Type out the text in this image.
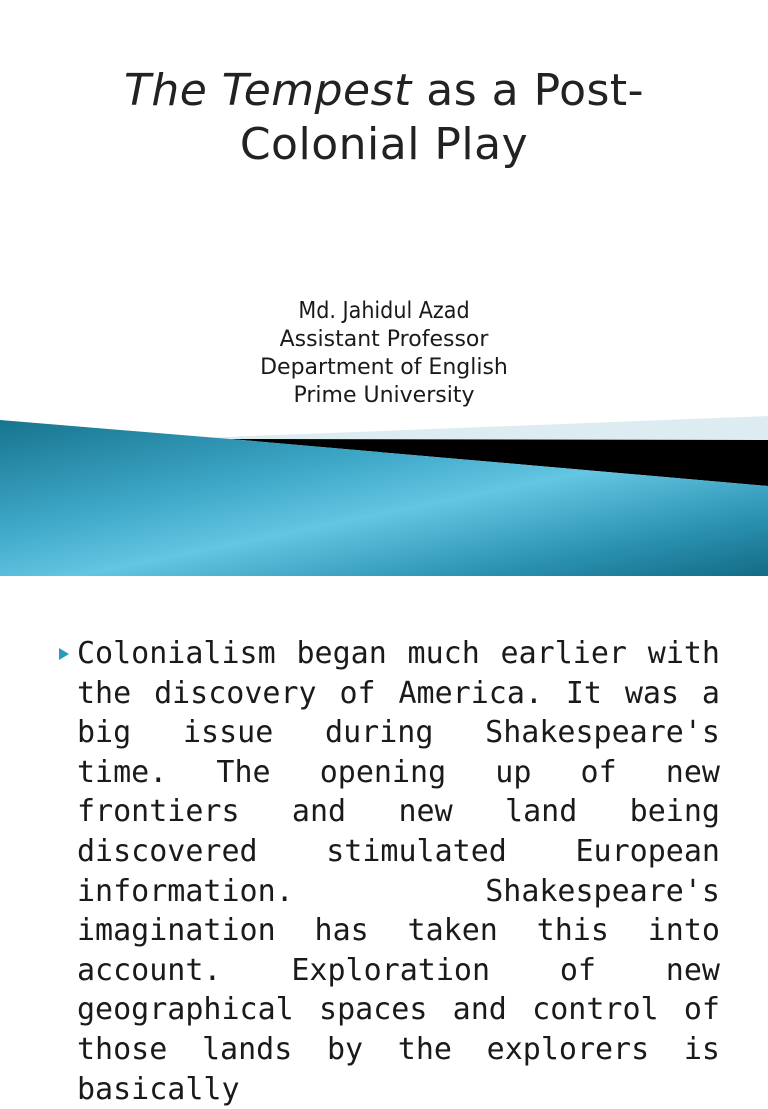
The Tempest as a Post-
Colonial Play
Md. Jahidul Azad
Assistant Professor
Department of English
Prime University

Colonialism began much earlier with the discovery of America. It was a big issue during Shakespeare's time. The opening up of new frontiers and new land being discovered stimulated European information. Shakespeare's imagination has taken this into account. Exploration of new geographical spaces and control of those lands by the explorers is basically
